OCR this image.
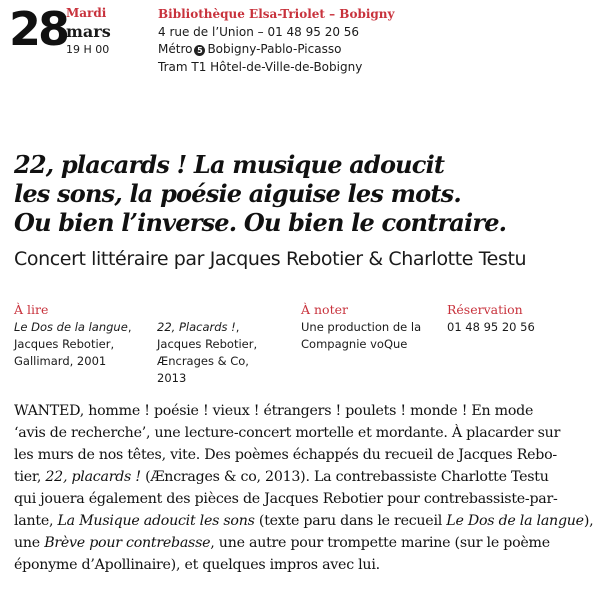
28
Mardi
mars
19 H 00
Bibliothèque Elsa-Triolet – Bobigny
4 rue de l’Union – 01 48 95 20 56
Métro 5 Bobigny-Pablo-Picasso
Tram T1 Hôtel-de-Ville-de-Bobigny
22, placards ! La musique adoucit
les sons, la poésie aiguise les mots.
Ou bien l’inverse. Ou bien le contraire.
Concert littéraire par Jacques Rebotier & Charlotte Testu
À lire
Le Dos de la langue, Jacques Rebotier, Gallimard, 2001
22, Placards !, Jacques Rebotier, Æncrages & Co, 2013
À noter
Une production de la
Compagnie voQue
Réservation
01 48 95 20 56
WANTED, homme ! poésie ! vieux ! étrangers ! poulets ! monde ! En mode
‘avis de recherche’, une lecture-concert mortelle et mordante. À placarder sur
les murs de nos têtes, vite. Des poèmes échappés du recueil de Jacques Rebo-
tier, 22, placards ! (Æncrages & co, 2013). La contrebassiste Charlotte Testu
qui jouera également des pièces de Jacques Rebotier pour contrebassiste-par-
lante, La Musique adoucit les sons (texte paru dans le recueil Le Dos de la langue),
une Brève pour contrebasse, une autre pour trompette marine (sur le poème
éponyme d’Apollinaire), et quelques impros avec lui.
